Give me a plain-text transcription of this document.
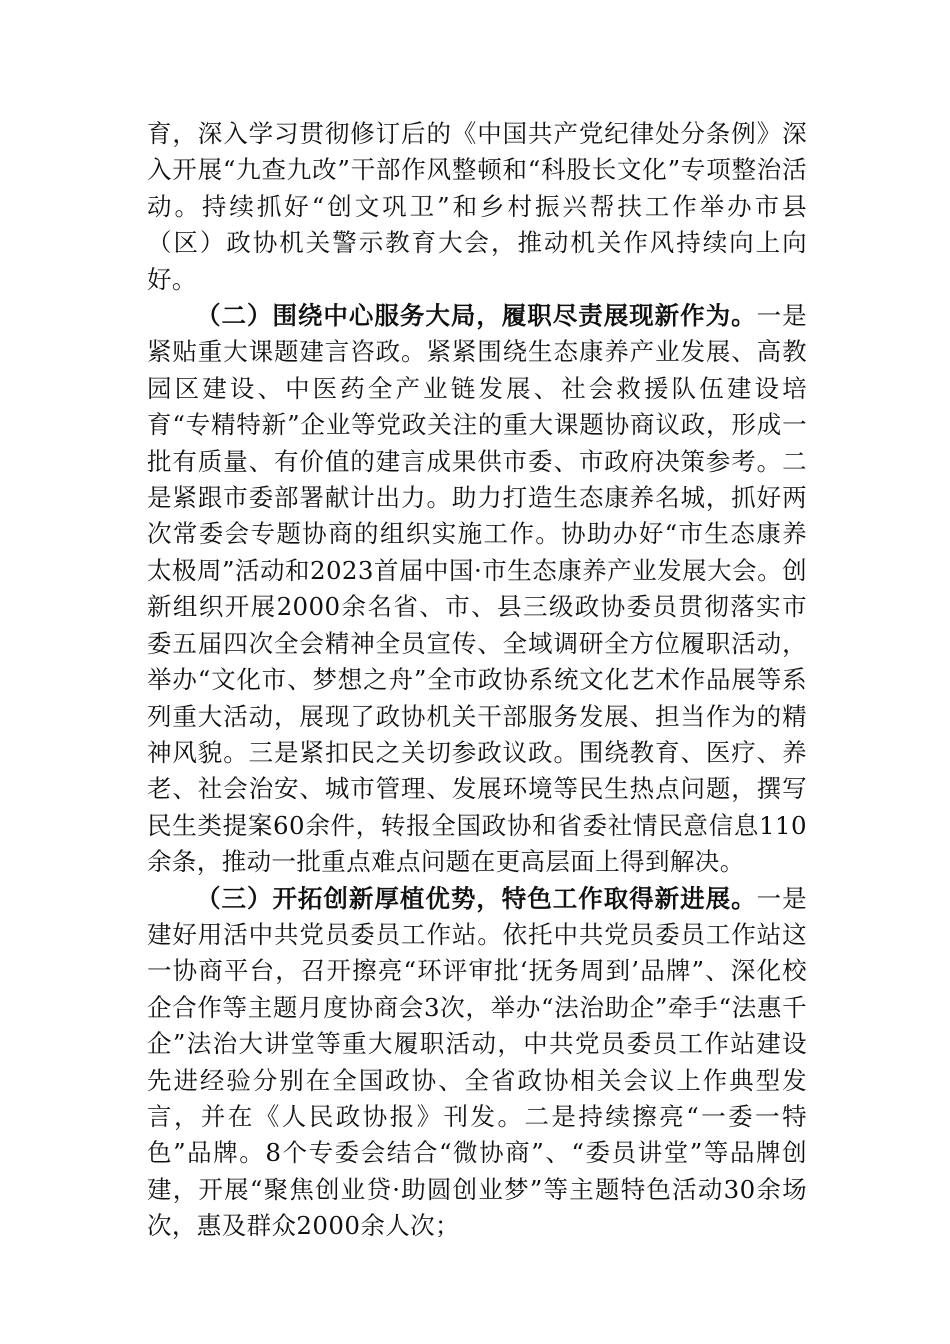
育，深入学习贯彻修订后的《中国共产党纪律处分条例》深入开展“九查九改”干部作风整顿和“科股长文化”专项整治活动。持续抓好“创文巩卫”和乡村振兴帮扶工作举办市县（区）政协机关警示教育大会，推动机关作风持续向上向好。

（二）围绕中心服务大局，履职尽责展现新作为。一是紧贴重大课题建言咨政。紧紧围绕生态康养产业发展、高教园区建设、中医药全产业链发展、社会救援队伍建设培育“专精特新”企业等党政关注的重大课题协商议政，形成一批有质量、有价值的建言成果供市委、市政府决策参考。二是紧跟市委部署献计出力。助力打造生态康养名城，抓好两次常委会专题协商的组织实施工作。协助办好“市生态康养太极周”活动和2023首届中国·市生态康养产业发展大会。创新组织开展2000余名省、市、县三级政协委员贯彻落实市委五届四次全会精神全员宣传、全域调研全方位履职活动，举办“文化市、梦想之舟”全市政协系统文化艺术作品展等系列重大活动，展现了政协机关干部服务发展、担当作为的精神风貌。三是紧扣民之关切参政议政。围绕教育、医疗、养老、社会治安、城市管理、发展环境等民生热点问题，撰写民生类提案60余件，转报全国政协和省委社情民意信息110余条，推动一批重点难点问题在更高层面上得到解决。

（三）开拓创新厚植优势，特色工作取得新进展。一是建好用活中共党员委员工作站。依托中共党员委员工作站这一协商平台，召开擦亮“环评审批‘抚务周到’品牌”、深化校企合作等主题月度协商会3次，举办“法治助企”牵手“法惠千企”法治大讲堂等重大履职活动，中共党员委员工作站建设先进经验分别在全国政协、全省政协相关会议上作典型发言，并在《人民政协报》刊发。二是持续擦亮“一委一特色”品牌。8个专委会结合“微协商”、“委员讲堂”等品牌创建，开展“聚焦创业贷·助圆创业梦”等主题特色活动30余场次，惠及群众2000余人次；
